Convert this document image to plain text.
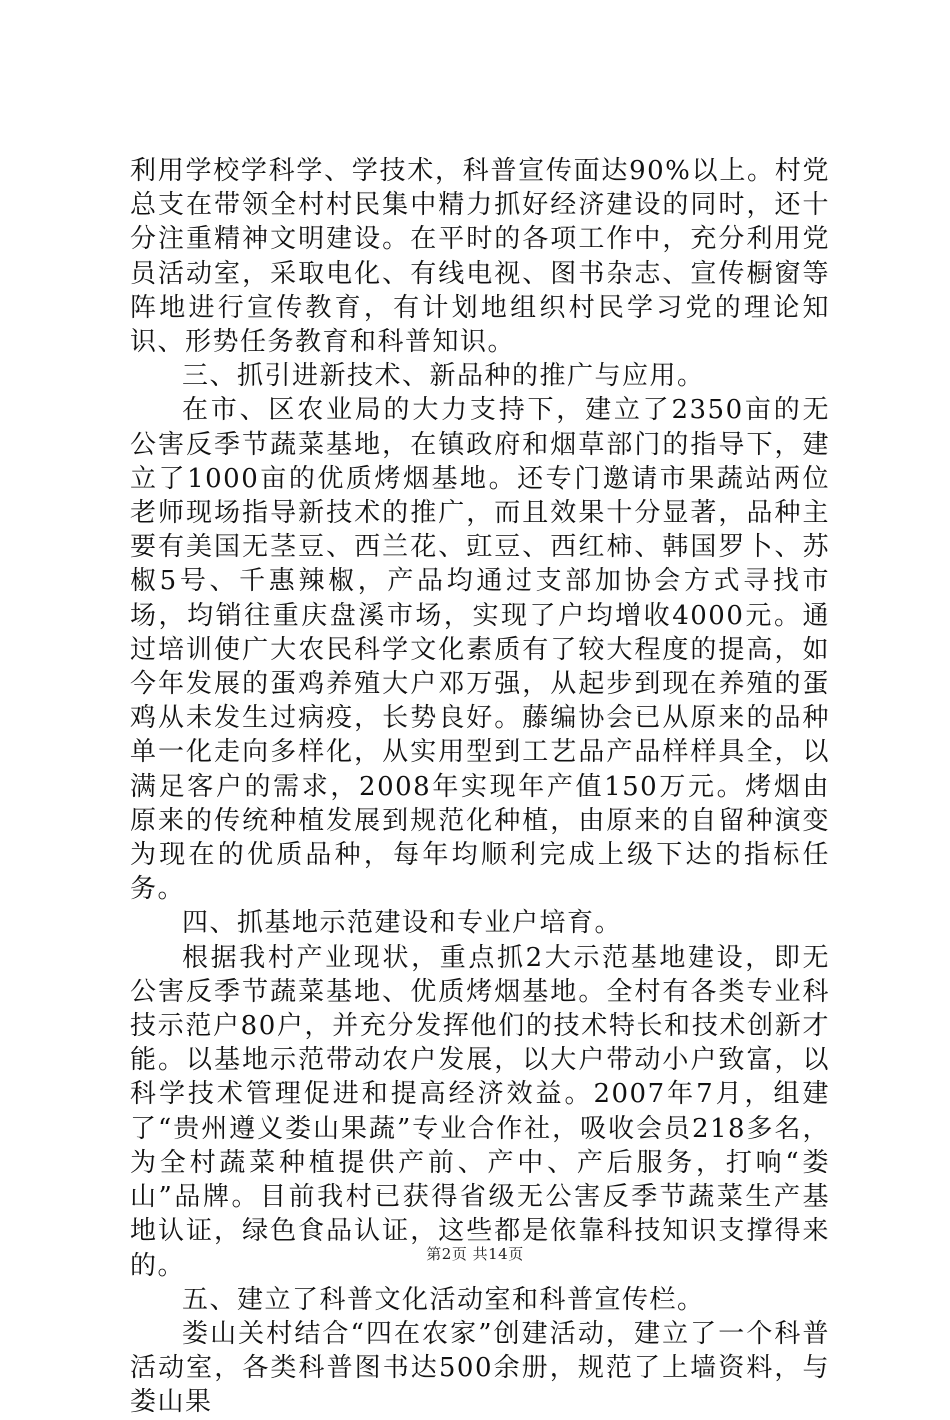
利用学校学科学、学技术，科普宣传面达90%以上。村党总支在带领全村村民集中精力抓好经济建设的同时，还十分注重精神文明建设。在平时的各项工作中，充分利用党员活动室，采取电化、有线电视、图书杂志、宣传橱窗等阵地进行宣传教育，有计划地组织村民学习党的理论知识、形势任务教育和科普知识。

三、抓引进新技术、新品种的推广与应用。

在市、区农业局的大力支持下，建立了2350亩的无公害反季节蔬菜基地，在镇政府和烟草部门的指导下，建立了1000亩的优质烤烟基地。还专门邀请市果蔬站两位老师现场指导新技术的推广，而且效果十分显著，品种主要有美国无茎豆、西兰花、豇豆、西红柿、韩国罗卜、苏椒5号、千惠辣椒，产品均通过支部加协会方式寻找市场，均销往重庆盘溪市场，实现了户均增收4000元。通过培训使广大农民科学文化素质有了较大程度的提高，如今年发展的蛋鸡养殖大户邓万强，从起步到现在养殖的蛋鸡从未发生过病疫，长势良好。藤编协会已从原来的品种单一化走向多样化，从实用型到工艺品产品样样具全，以满足客户的需求，2008年实现年产值150万元。烤烟由原来的传统种植发展到规范化种植，由原来的自留种演变为现在的优质品种，每年均顺利完成上级下达的指标任务。

四、抓基地示范建设和专业户培育。

根据我村产业现状，重点抓2大示范基地建设，即无公害反季节蔬菜基地、优质烤烟基地。全村有各类专业科技示范户80户，并充分发挥他们的技术特长和技术创新才能。以基地示范带动农户发展，以大户带动小户致富，以科学技术管理促进和提高经济效益。2007年7月，组建了“贵州遵义娄山果蔬”专业合作社，吸收会员218多名，为全村蔬菜种植提供产前、产中、产后服务，打响“娄山”品牌。目前我村已获得省级无公害反季节蔬菜生产基地认证，绿色食品认证，这些都是依靠科技知识支撑得来的。

五、建立了科普文化活动室和科普宣传栏。

娄山关村结合“四在农家”创建活动，建立了一个科普活动室，各类科普图书达500余册，规范了上墙资料，与娄山果

第2页 共14页
